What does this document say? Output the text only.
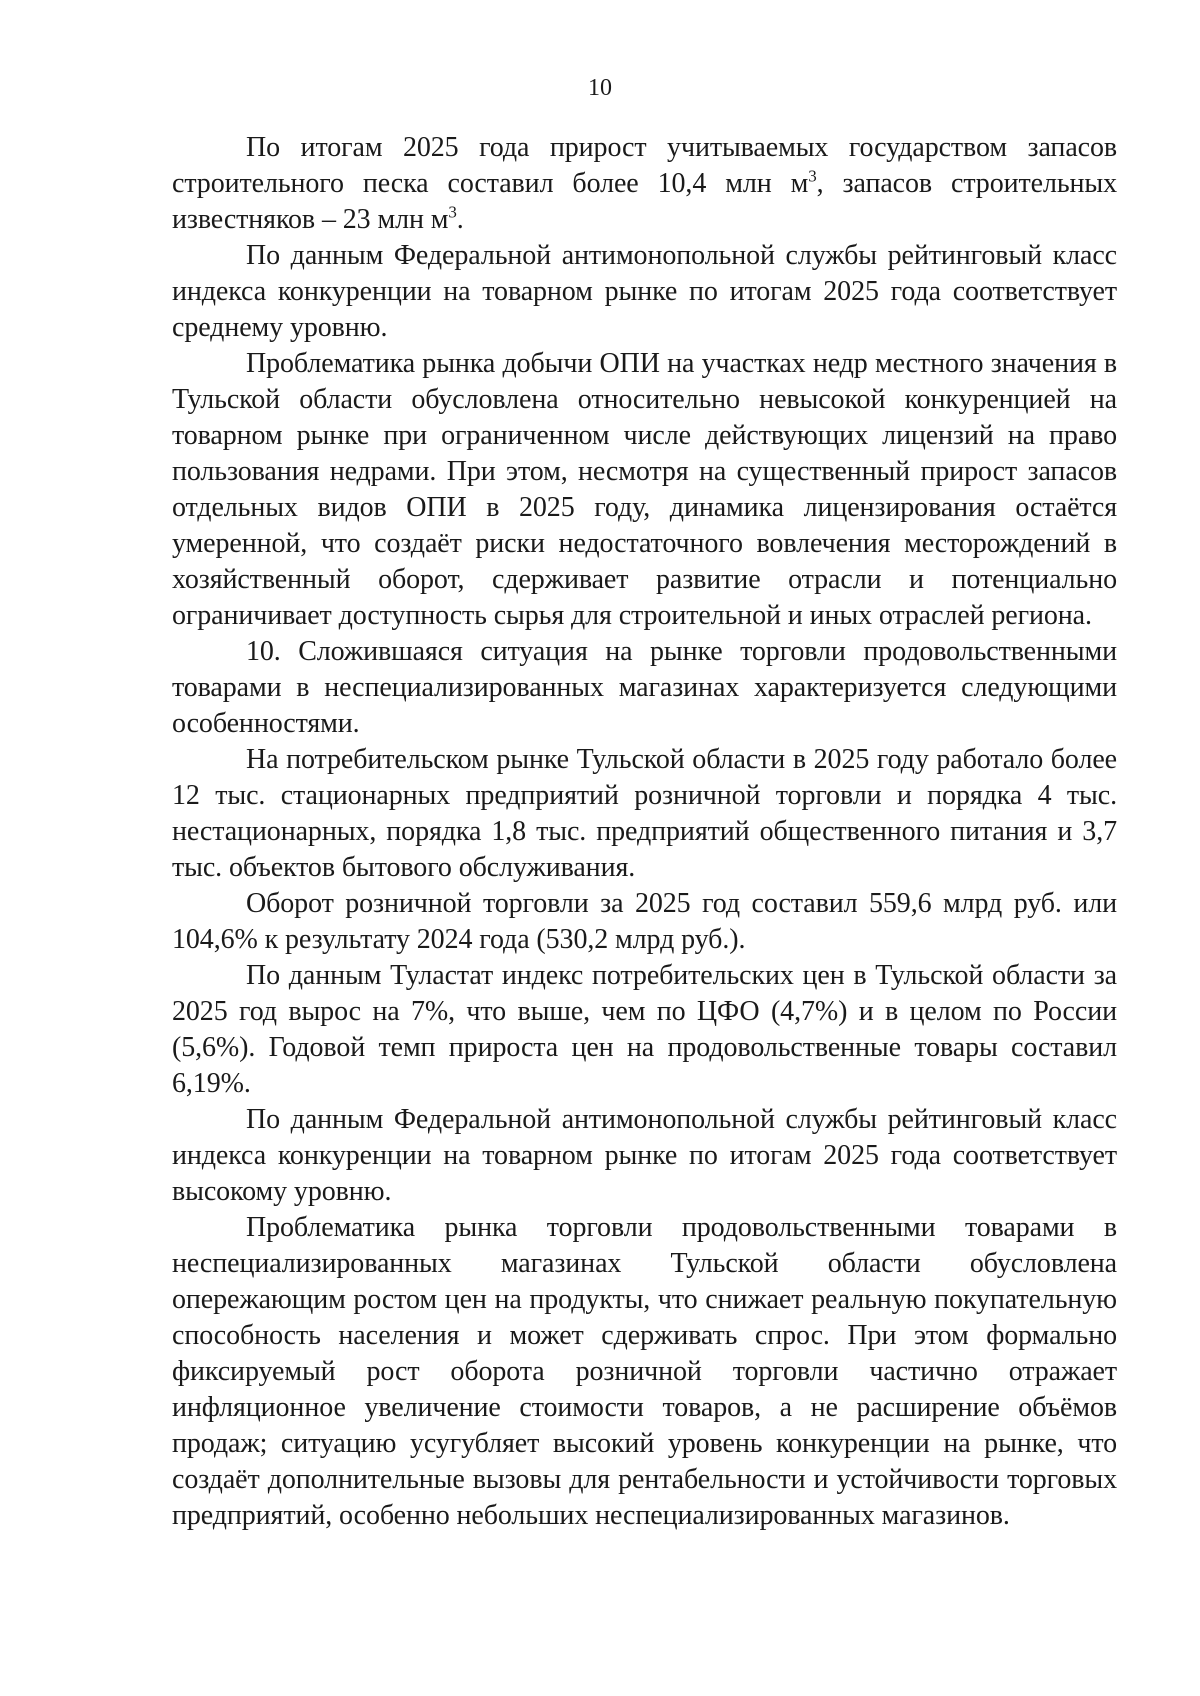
10

По итогам 2025 года прирост учитываемых государством запасов строительного песка составил более 10,4 млн $м^3$, запасов строительных известняков – 23 млн $м^3$.

По данным Федеральной антимонопольной службы рейтинговый класс индекса конкуренции на товарном рынке по итогам 2025 года соответствует среднему уровню.

Проблематика рынка добычи ОПИ на участках недр местного значения в Тульской области обусловлена относительно невысокой конкуренцией на товарном рынке при ограниченном числе действующих лицензий на право пользования недрами. При этом, несмотря на существенный прирост запасов отдельных видов ОПИ в 2025 году, динамика лицензирования остаётся умеренной, что создаёт риски недостаточного вовлечения месторождений в хозяйственный оборот, сдерживает развитие отрасли и потенциально ограничивает доступность сырья для строительной и иных отраслей региона.

10. Сложившаяся ситуация на рынке торговли продовольственными товарами в неспециализированных магазинах характеризуется следующими особенностями.

На потребительском рынке Тульской области в 2025 году работало более 12 тыс. стационарных предприятий розничной торговли и порядка 4 тыс. нестационарных, порядка 1,8 тыс. предприятий общественного питания и 3,7 тыс. объектов бытового обслуживания.

Оборот розничной торговли за 2025 год составил 559,6 млрд руб. или 104,6% к результату 2024 года (530,2 млрд руб.).

По данным Туластат индекс потребительских цен в Тульской области за 2025 год вырос на 7%, что выше, чем по ЦФО (4,7%) и в целом по России (5,6%). Годовой темп прироста цен на продовольственные товары составил 6,19%.

По данным Федеральной антимонопольной службы рейтинговый класс индекса конкуренции на товарном рынке по итогам 2025 года соответствует высокому уровню.

Проблематика рынка торговли продовольственными товарами в неспециализированных магазинах Тульской области обусловлена опережающим ростом цен на продукты, что снижает реальную покупательную способность населения и может сдерживать спрос. При этом формально фиксируемый рост оборота розничной торговли частично отражает инфляционное увеличение стоимости товаров, а не расширение объёмов продаж; ситуацию усугубляет высокий уровень конкуренции на рынке, что создаёт дополнительные вызовы для рентабельности и устойчивости торговых предприятий, особенно небольших неспециализированных магазинов.
